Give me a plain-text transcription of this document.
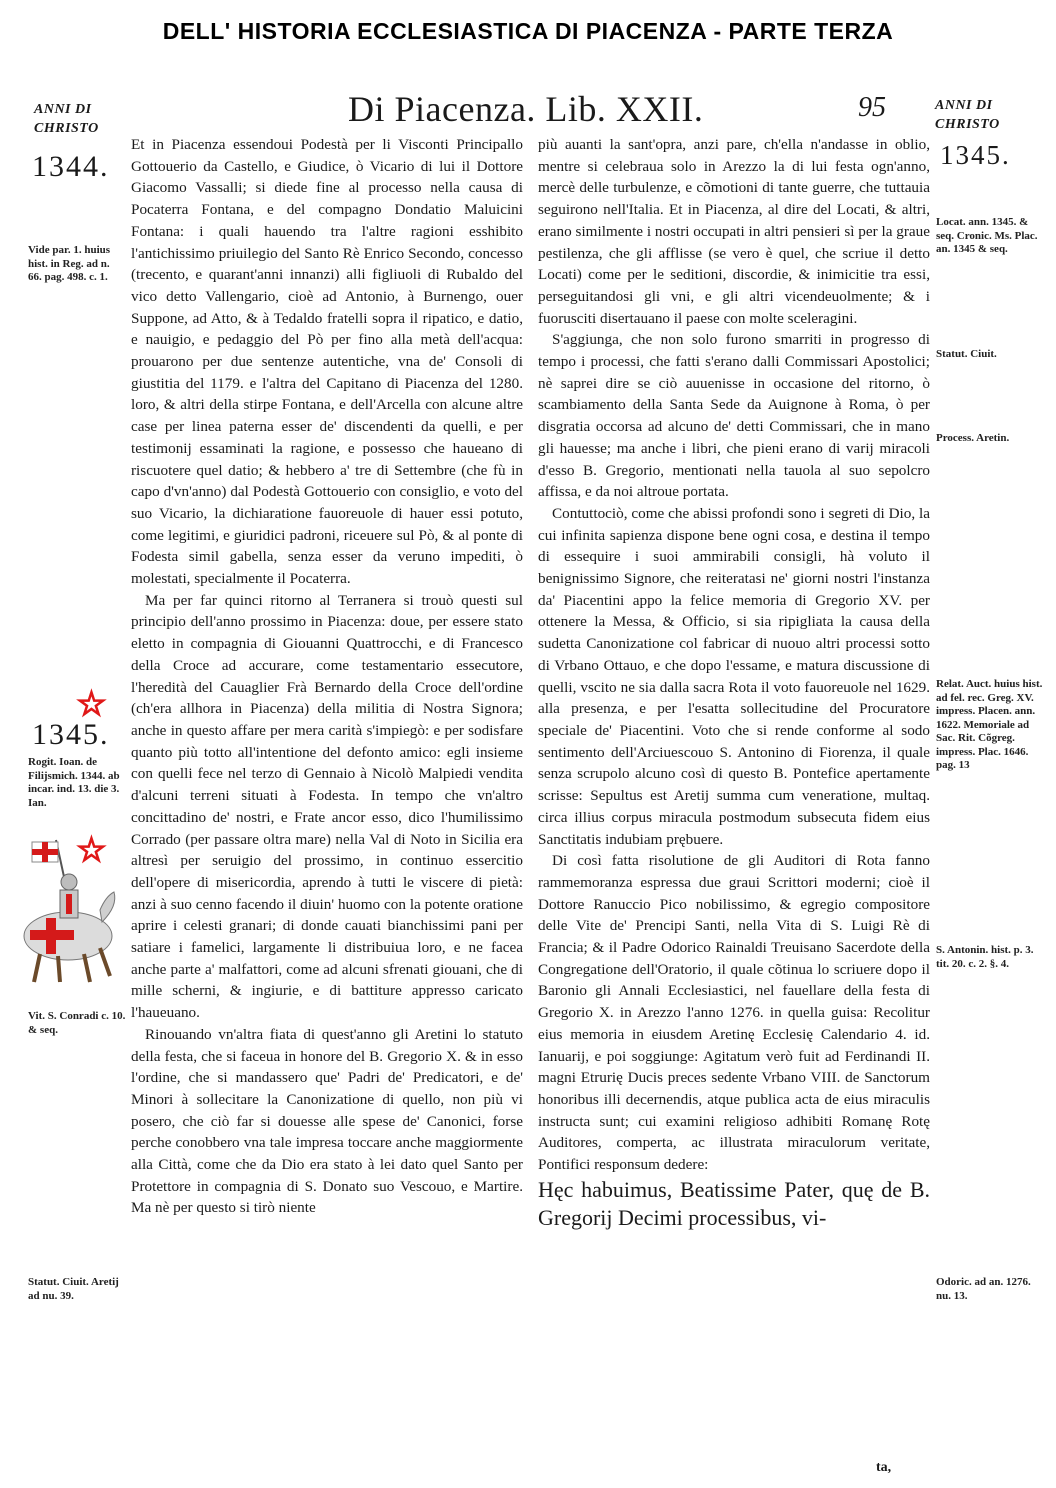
DELL' HISTORIA ECCLESIASTICA DI PIACENZA - PARTE TERZA
ANNI DI CHRISTO
ANNI DI CHRISTO
1344.	1345.
Di Piacenza. Lib. XXII.	95

Et in Piacenza essendoui Podestà per li Visconti Principallo Gottouerio da Castello, e Giudice, ò Vicario di lui il Dottore Giacomo Vassalli; si diede fine al processo nella causa di Pocaterra Fontana, e del compagno Dondatio Maluicini Fontana: i quali hauendo tra l'altre ragioni esshibito l'antichissimo priuilegio del Santo Rè Enrico Secondo, concesso (trecento, e quarant'anni innanzi) alli figliuoli di Rubaldo del vico detto Vallengario, cioè ad Antonio, à Burnengo, ouer Suppone, ad Atto, & à Tedaldo fratelli sopra il ripatico, e datio, e nauigio, e pedaggio del Pò per fino alla metà dell'acqua: prouarono per due sentenze autentiche, vna de' Consoli di giustitia del 1179. e l'altra del Capitano di Piacenza del 1280. loro, & altri della stirpe Fontana, e dell'Arcella con alcune altre case per linea paterna esser de' discendenti da quelli, e per testimonij essaminati la ragione, e possesso che haueano di riscuotere quel datio; & hebbero a' tre di Settembre (che fù in capo d'vn'anno) dal Podestà Gottouerio con consiglio, e voto del suo Vicario, la dichiaratione fauoreuole di hauer essi potuto, come legitimi, e giuridici padroni, riceuere sul Pò, & al ponte di Fodesta simil gabella, senza esser da veruno impediti, ò molestati, specialmente il Pocaterra.

Ma per far quinci ritorno al Terranera si trouò questi sul principio dell'anno prossimo in Piacenza: doue, per essere stato eletto in compagnia di Giouanni Quattrocchi, e di Francesco della Croce ad accurare, come testamentario essecutore, l'heredità del Cauaglier Frà Bernardo della Croce dell'ordine (ch'era allhora in Piacenza) della militia di Nostra Signora; anche in questo affare per mera carità s'impiegò: e per sodisfare quanto più totto all'intentione del defonto amico: egli insieme con quelli fece nel terzo di Gennaio à Nicolò Malpiedi vendita d'alcuni terreni situati à Fodesta. In tempo che vn'altro concittadino de' nostri, e Frate ancor esso, dico l'humilissimo Corrado (per passare oltra mare) nella Val di Noto in Sicilia era altresì per seruigio del prossimo, in continuo essercitio dell'opere di misericordia, aprendo à tutti le viscere di pietà: anzi à suo cenno facendo il diuin' huomo con la potente oratione aprire i celesti granari; di donde cauati bianchissimi pani per satiare i famelici, largamente li distribuiua loro, e ne facea anche parte a' malfattori, come ad alcuni sfrenati giouani, che di mille scherni, & ingiurie, e di battiture appresso caricato l'haueuano.

Rinouando vn'altra fiata di quest'anno gli Aretini lo statuto della festa, che si faceua in honore del B. Gregorio X. & in esso l'ordine, che si mandassero que' Padri de' Predicatori, e de' Minori à sollecitare la Canonizatione di quello, non più vi posero, che ciò far si douesse alle spese de' Canonici, forse perche conobbero vna tale impresa toccare anche maggiormente alla Città, come che da Dio era stato à lei dato quel Santo per Protettore in compagnia di S. Donato suo Vescouo, e Martire. Ma nè per questo si tirò niente

più auanti la sant'opra, anzi pare, ch'ella n'andasse in oblio, mentre si celebraua solo in Arezzo la di lui festa ogn'anno, mercè delle turbulenze, e cõmotioni di tante guerre, che tuttauia seguirono nell'Italia. Et in Piacenza, al dire del Locati, & altri, erano similmente i nostri occupati in altri pensieri sì per la graue pestilenza, che gli afflisse (se vero è quel, che scriue il detto Locati) come per le seditioni, discordie, & inimicitie tra essi, perseguitandosi gli vni, e gli altri vicendeuolmente; & i fuorusciti disertauano il paese con molte sceleragini.

S'aggiunga, che non solo furono smarriti in progresso di tempo i processi, che fatti s'erano dalli Commissari Apostolici; nè saprei dire se ciò auuenisse in occasione del ritorno, ò scambiamento della Santa Sede da Auignone à Roma, ò per disgratia occorsa ad alcuno de' detti Commissari, che in mano gli hauesse; ma anche i libri, che pieni erano di varij miracoli d'esso B. Gregorio, mentionati nella tauola al suo sepolcro affissa, e da noi altroue portata.

Contuttociò, come che abissi profondi sono i segreti di Dio, la cui infinita sapienza dispone bene ogni cosa, e destina il tempo di essequire i suoi ammirabili consigli, hà voluto il benignissimo Signore, che reiteratasi ne' giorni nostri l'instanza da' Piacentini appo la felice memoria di Gregorio XV. per ottenere la Messa, & Officio, si sia ripigliata la causa della sudetta Canonizatione col fabricar di nuouo altri processi sotto di Vrbano Ottauo, e che dopo l'essame, e matura discussione di quelli, vscito ne sia dalla sacra Rota il voto fauoreuole nel 1629. alla presenza, e per l'esatta sollecitudine del Procuratore speciale de' Piacentini. Voto che si rende conforme al sodo sentimento dell'Arciuescouo S. Antonino di Fiorenza, il quale senza scrupolo alcuno così di questo B. Pontefice apertamente scrisse: Sepultus est Aretij summa cum veneratione, multaq. circa illius corpus miracula postmodum subsecuta fidem eius Sanctitatis indubiam prębuere.

Di così fatta risolutione de gli Auditori di Rota fanno rammemoranza espressa due graui Scrittori moderni; cioè il Dottore Ranuccio Pico nobilissimo, & egregio compositore delle Vite de' Prencipi Santi, nella Vita di S. Luigi Rè di Francia; & il Padre Odorico Rainaldi Treuisano Sacerdote della Congregatione dell'Oratorio, il quale cõtinua lo scriuere dopo il Baronio gli Annali Ecclesiastici, nel fauellare della festa di Gregorio X. in Arezzo l'anno 1276. in quella guisa: Recolitur eius memoria in eiusdem Aretinę Ecclesię Calendario 4. id. Ianuarij, e poi soggiunge: Agitatum verò fuit ad Ferdinandi II. magni Etrurię Ducis preces sedente Vrbano VIII. de Sanctorum honoribus illi decernendis, atque publica acta de eius miraculis instructa sunt; cui examini religioso adhibiti Romanę Rotę Auditores, comperta, ac illustrata miraculorum veritate, Pontifici responsum dedere:

Hęc habuimus, Beatissime Pater, quę de B. Gregorij Decimi processibus, vi-

ta,
Vide par. 1. huius hist. in Reg. ad n. 66. pag. 498. c. 1.
1345.
Rogit. Ioan. de Filijsmich. 1344. ab incar. ind. 13. die 3. Ian.
Vit. S. Conradi c. 10. & seq.
Statut. Ciuit. Aretij ad nu. 39.
Locat. ann. 1345. & seq. Cronic. Ms. Plac. an. 1345 & seq.
Statut. Ciuit.
Process. Aretin.
Relat. Auct. huius hist. ad fel. rec. Greg. XV. impress. Placen. ann. 1622. Memoriale ad Sac. Rit. Cõgreg. impress. Plac. 1646. pag. 13
S. Antonin. hist. p. 3. tit. 20. c. 2. §. 4.
Odoric. ad an. 1276. nu. 13.
★
★
